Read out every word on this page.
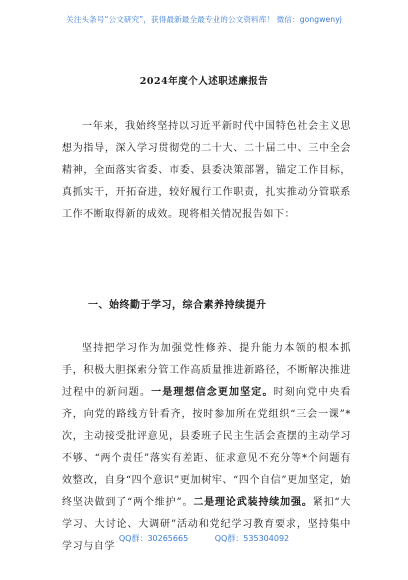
关注头条号“公文研究”，获得最新最全最专业的公文资料库！ 微信：gongwenyj
2024年度个人述职述廉报告

一年来，我始终坚持以习近平新时代中国特色社会主义思想为指导，深入学习贯彻党的二十大、二十届二中、三中全会精神，全面落实省委、市委、县委决策部署，锚定工作目标，真抓实干，开拓奋进，较好履行工作职责，扎实推动分管联系工作不断取得新的成效。现将相关情况报告如下：

一、始终勤于学习，综合素养持续提升

坚持把学习作为加强党性修养、提升能力本领的根本抓手，积极大胆探索分管工作高质量推进新路径，不断解决推进过程中的新问题。一是理想信念更加坚定。时刻向党中央看齐，向党的路线方针看齐，按时参加所在党组织“三会一课”*次，主动接受批评意见，县委班子民主生活会查摆的主动学习不够、“两个责任”落实有差距、征求意见不充分等*个问题有效整改，自身“四个意识”更加树牢、“四个自信”更加坚定，始终坚决做到了“两个维护”。二是理论武装持续加强。紧扣“大学习、大讨论、大调研”活动和党纪学习教育要求，坚持集中学习与自学

QQ群：30265665	QQ群：535304092
